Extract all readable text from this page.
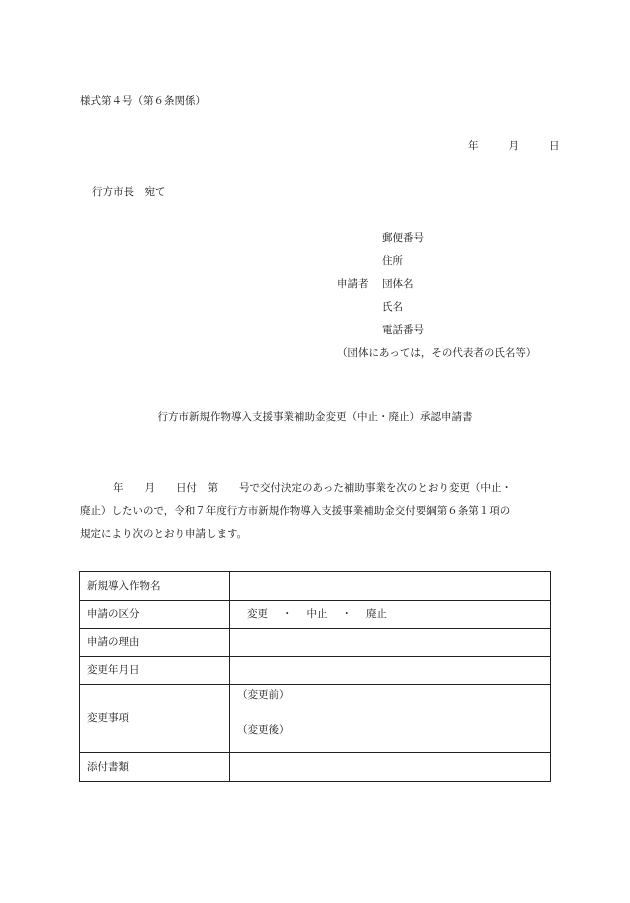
様式第４号（第６条関係）
年	月	日
行方市長　宛て
郵便番号
住所
申請者 団体名
氏名
電話番号
（団体にあっては，その代表者の氏名等）
行方市新規作物導入支援事業補助金変更（中止・廃止）承認申請書
年　　月　　日付　第　　号で交付決定のあった補助事業を次のとおり変更（中止・
廃止）したいので，令和７年度行方市新規作物導入支援事業補助金交付要綱第６条第１項の
規定により次のとおり申請します。
新規導入作物名	
申請の区分	変更 ・ 中止 ・ 廃止
申請の理由	
変更年月日	
変更事項	（変更前）
（変更後）

添付書類	
